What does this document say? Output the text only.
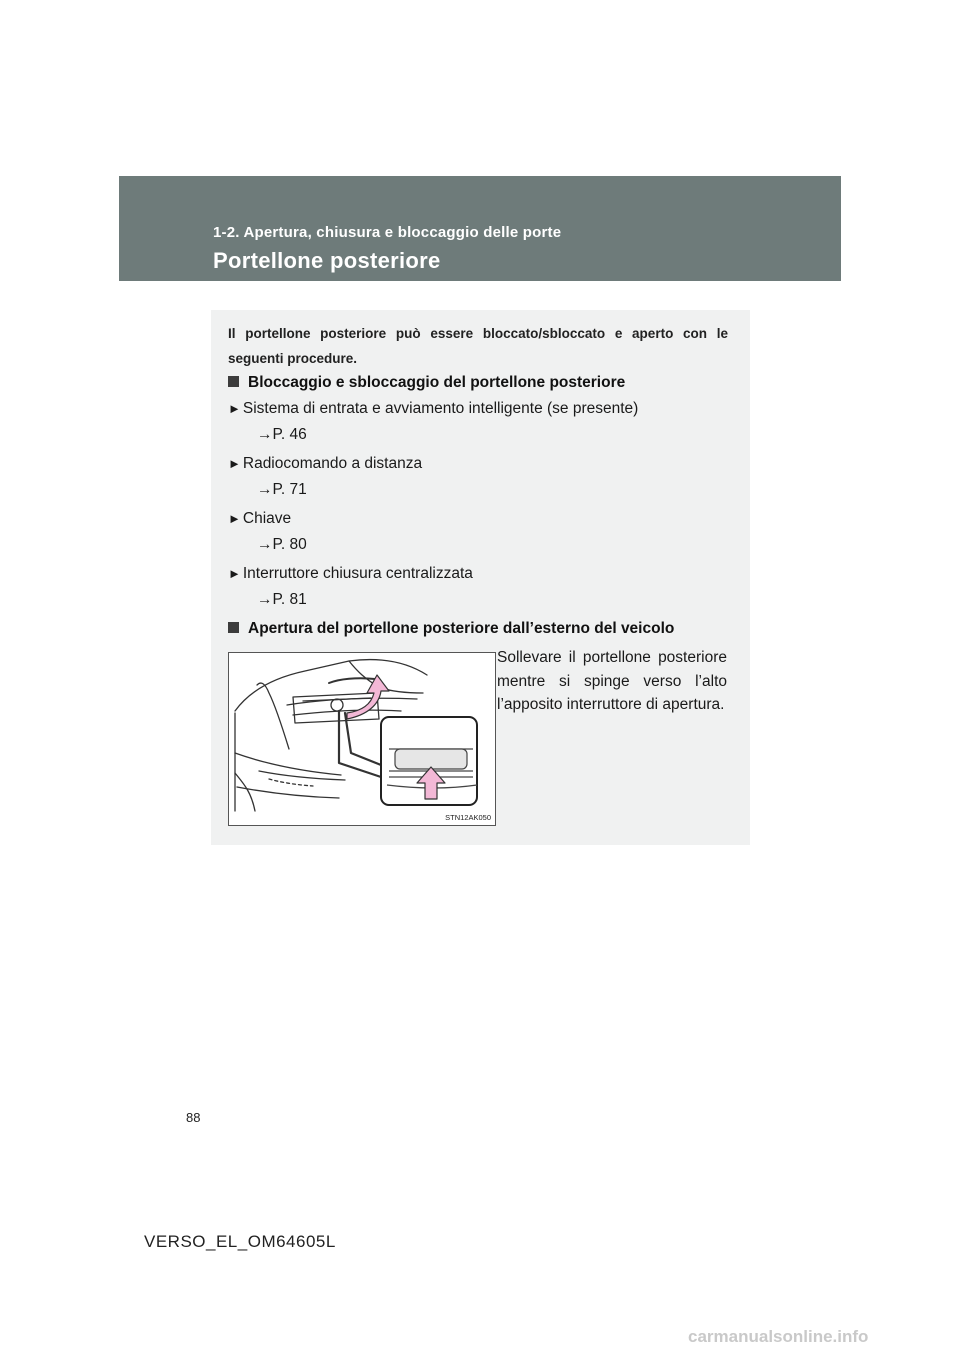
1-2. Apertura, chiusura e bloccaggio delle porte
Portellone posteriore
Il portellone posteriore può essere bloccato/sbloccato e aperto con le seguenti procedure.
Bloccaggio e sbloccaggio del portellone posteriore
► Sistema di entrata e avviamento intelligente (se presente)
→P. 46
► Radiocomando a distanza
→P. 71
► Chiave
→P. 80
► Interruttore chiusura centralizzata
→P. 81
Apertura del portellone posteriore dall’esterno del veicolo
STN12AK050
Sollevare il portellone posteriore mentre si spinge verso l’alto l’apposito interruttore di apertura.
88
VERSO_EL_OM64605L
carmanualsonline.info
